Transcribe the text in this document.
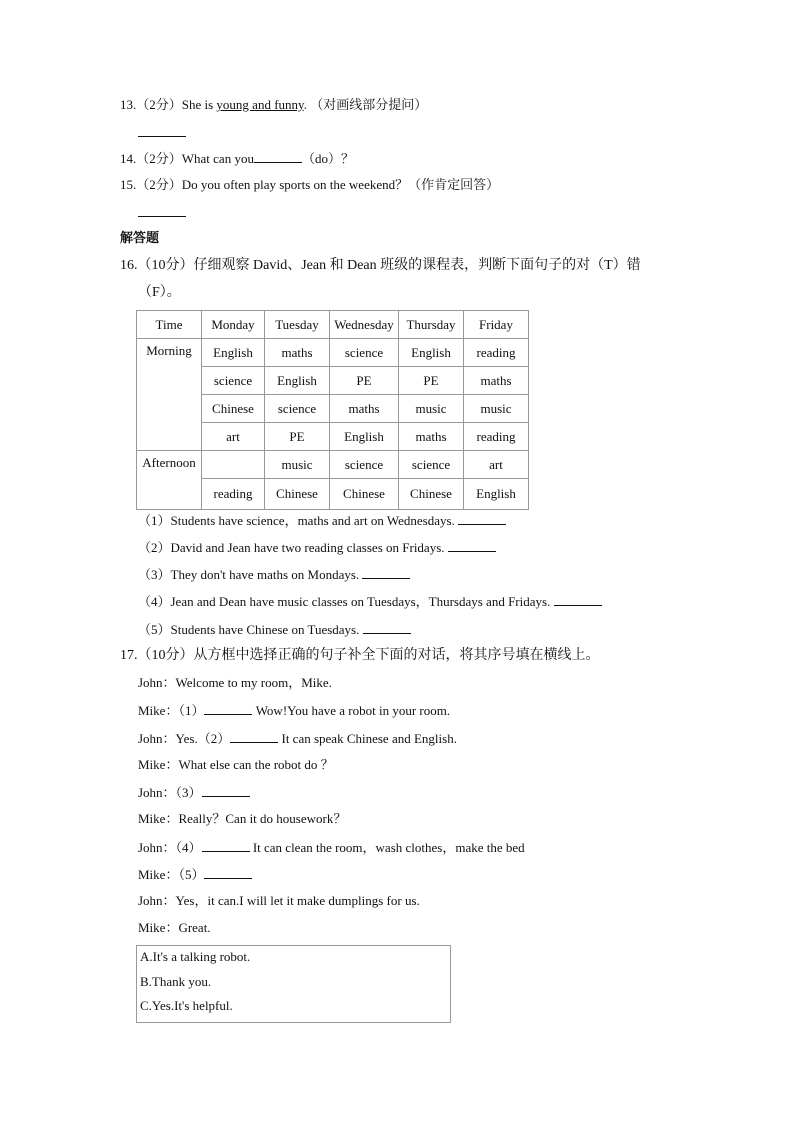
13.（2分）She is young and funny. （对画线部分提问）
14.（2分）What can you	（do）？
15.（2分）Do you often play sports on the weekend？（作肯定回答）
解答题
16.（10分）仔细观察 David、Jean 和 Dean 班级的课程表，判断下面句子的对（T）错
（F）。
Time	Monday	Tuesday	Wednesday	Thursday	Friday
Morning	English	maths	science	English	reading
	science	English	PE	PE	maths
	Chinese	science	maths	music	music
	art	PE	English	maths	reading
Afternoon		music	science	science	art
	reading	Chinese	Chinese	Chinese	English
（1）Students have science，maths and art on Wednesdays.
（2）David and Jean have two reading classes on Fridays.
（3）They don't have maths on Mondays.
（4）Jean and Dean have music classes on Tuesdays，Thursdays and Fridays.
（5）Students have Chinese on Tuesdays.
17.（10分）从方框中选择正确的句子补全下面的对话，将其序号填在横线上。
John：Welcome to my room，Mike.
Mike：（1）	Wow!You have a robot in your room.
John：Yes.（2）	It can speak Chinese and English.
Mike：What else can the robot do ？
John：（3）
Mike：Really？Can it do housework？
John：（4）	It can clean the room，wash clothes，make the bed
Mike：（5）
John：Yes，it can.I will let it make dumplings for us.
Mike：Great.
A.It's a talking robot.
B.Thank you.
C.Yes.It's helpful.
